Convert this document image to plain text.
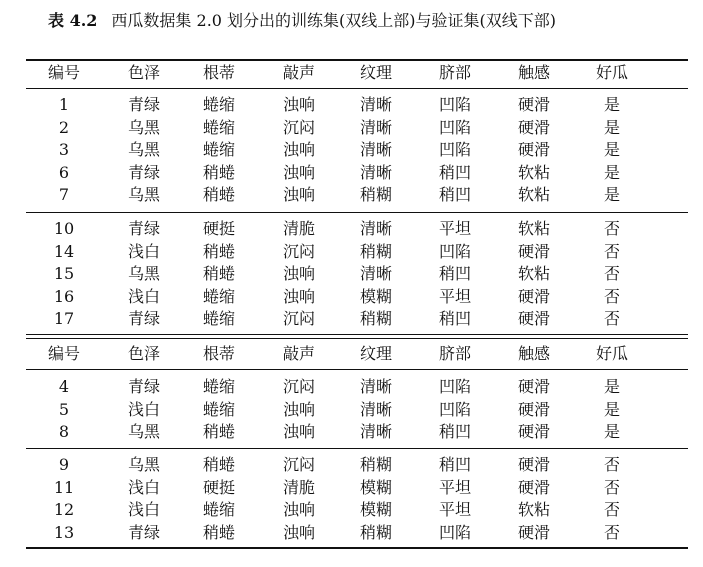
表 4.2 西瓜数据集 2.0 划分出的训练集(双线上部)与验证集(双线下部)
编号	色泽	根蒂	敲声	纹理	脐部	触感	好瓜
1	青绿	蜷缩	浊响	清晰	凹陷	硬滑	是
2	乌黑	蜷缩	沉闷	清晰	凹陷	硬滑	是
3	乌黑	蜷缩	浊响	清晰	凹陷	硬滑	是
6	青绿	稍蜷	浊响	清晰	稍凹	软粘	是
7	乌黑	稍蜷	浊响	稍糊	稍凹	软粘	是
10	青绿	硬挺	清脆	清晰	平坦	软粘	否
14	浅白	稍蜷	沉闷	稍糊	凹陷	硬滑	否
15	乌黑	稍蜷	浊响	清晰	稍凹	软粘	否
16	浅白	蜷缩	浊响	模糊	平坦	硬滑	否
17	青绿	蜷缩	沉闷	稍糊	稍凹	硬滑	否
编号	色泽	根蒂	敲声	纹理	脐部	触感	好瓜
4	青绿	蜷缩	沉闷	清晰	凹陷	硬滑	是
5	浅白	蜷缩	浊响	清晰	凹陷	硬滑	是
8	乌黑	稍蜷	浊响	清晰	稍凹	硬滑	是
9	乌黑	稍蜷	沉闷	稍糊	稍凹	硬滑	否
11	浅白	硬挺	清脆	模糊	平坦	硬滑	否
12	浅白	蜷缩	浊响	模糊	平坦	软粘	否
13	青绿	稍蜷	浊响	稍糊	凹陷	硬滑	否
